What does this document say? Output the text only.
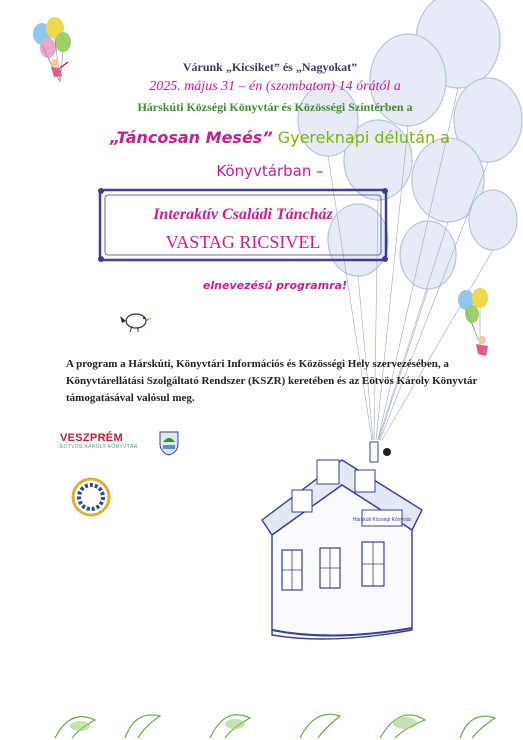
Várunk „Kicsiket” és „Nagyokat”
2025. május 31 – én (szombaton) 14 órától a
Hárskúti Községi Könyvtár és Közösségi Színtérben a
„Táncosan Mesés” Gyereknapi délután a
Könyvtárban –
Interaktív Családi Táncház
VASTAG RICSIVEL
elnevezésű programra!
A program a Hárskúti, Könyvtári Információs és Közösségi Hely szervezésében, a Könyvtárellátási Szolgáltató Rendszer (KSZR) keretében és az Eötvös Károly Könyvtár támogatásával valósul meg.
VESZPRÉM
EÖTVÖS KÁROLY KÖNYVTÁR
Hárskúti Községi Könyvtár
